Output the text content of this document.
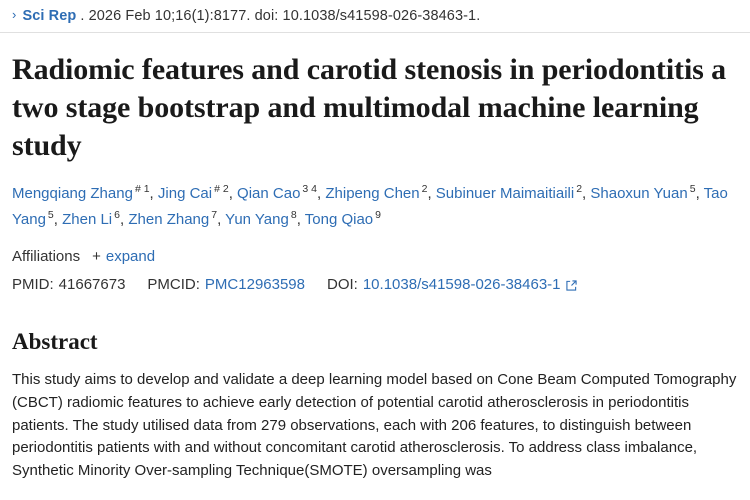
› Sci Rep . 2026 Feb 10;16(1):8177. doi: 10.1038/s41598-026-38463-1.
Radiomic features and carotid stenosis in periodontitis a two stage bootstrap and multimodal machine learning study
Mengqiang Zhang $^{\# 1}$, Jing Cai $^{\# 2}$, Qian Cao $^{3 4}$, Zhipeng Chen $^2$, Subinuer Maimaitiaili $^2$, Shaoxun Yuan $^5$, Tao Yang $^5$, Zhen Li $^6$, Zhen Zhang $^7$, Yun Yang $^8$, Tong Qiao $^9$
Affiliations + expand
PMID: 41667673 PMCID: PMC12963598 DOI: 10.1038/s41598-026-38463-1
Abstract

This study aims to develop and validate a deep learning model based on Cone Beam Computed Tomography (CBCT) radiomic features to achieve early detection of potential carotid atherosclerosis in periodontitis patients. The study utilised data from 279 observations, each with 206 features, to distinguish between periodontitis patients with and without concomitant carotid atherosclerosis. To address class imbalance, Synthetic Minority Over-sampling Technique(SMOTE) oversampling was
